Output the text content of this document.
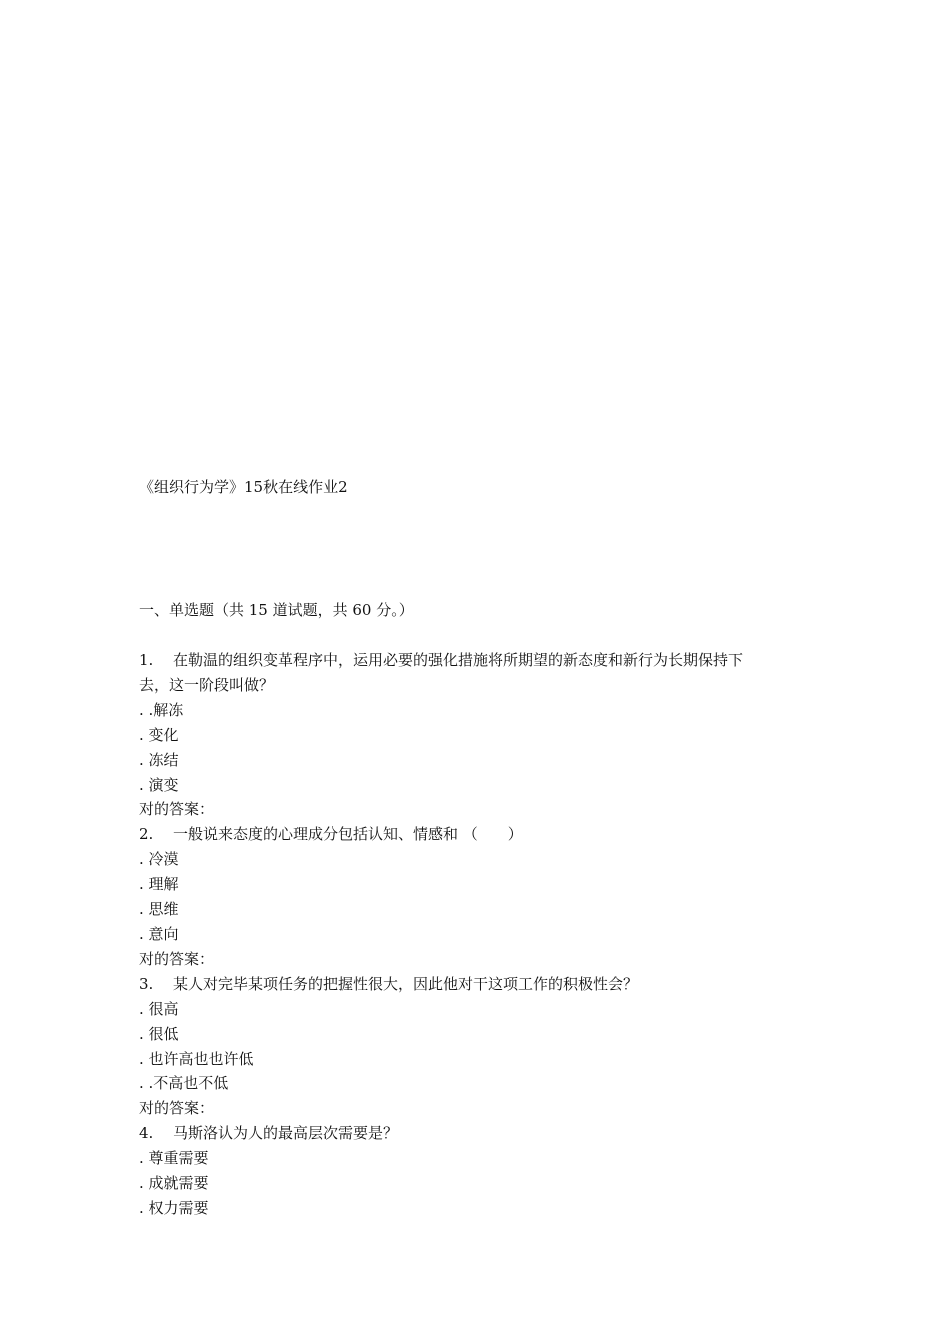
《组织行为学》15秋在线作业2
一、单选题（共 15 道试题，共 60 分。）
1. 在勒温的组织变革程序中，运用必要的强化措施将所期望的新态度和新行为长期保持下
去，这一阶段叫做？
. .解冻
. 变化
. 冻结
. 演变
对的答案：
2. 一般说来态度的心理成分包括认知、情感和 （　　）
. 冷漠
. 理解
. 思维
. 意向
对的答案：
3. 某人对完毕某项任务的把握性很大，因此他对干这项工作的积极性会？
. 很高
. 很低
. 也许高也也许低
. .不高也不低
对的答案：
4. 马斯洛认为人的最高层次需要是？
. 尊重需要
. 成就需要
. 权力需要
